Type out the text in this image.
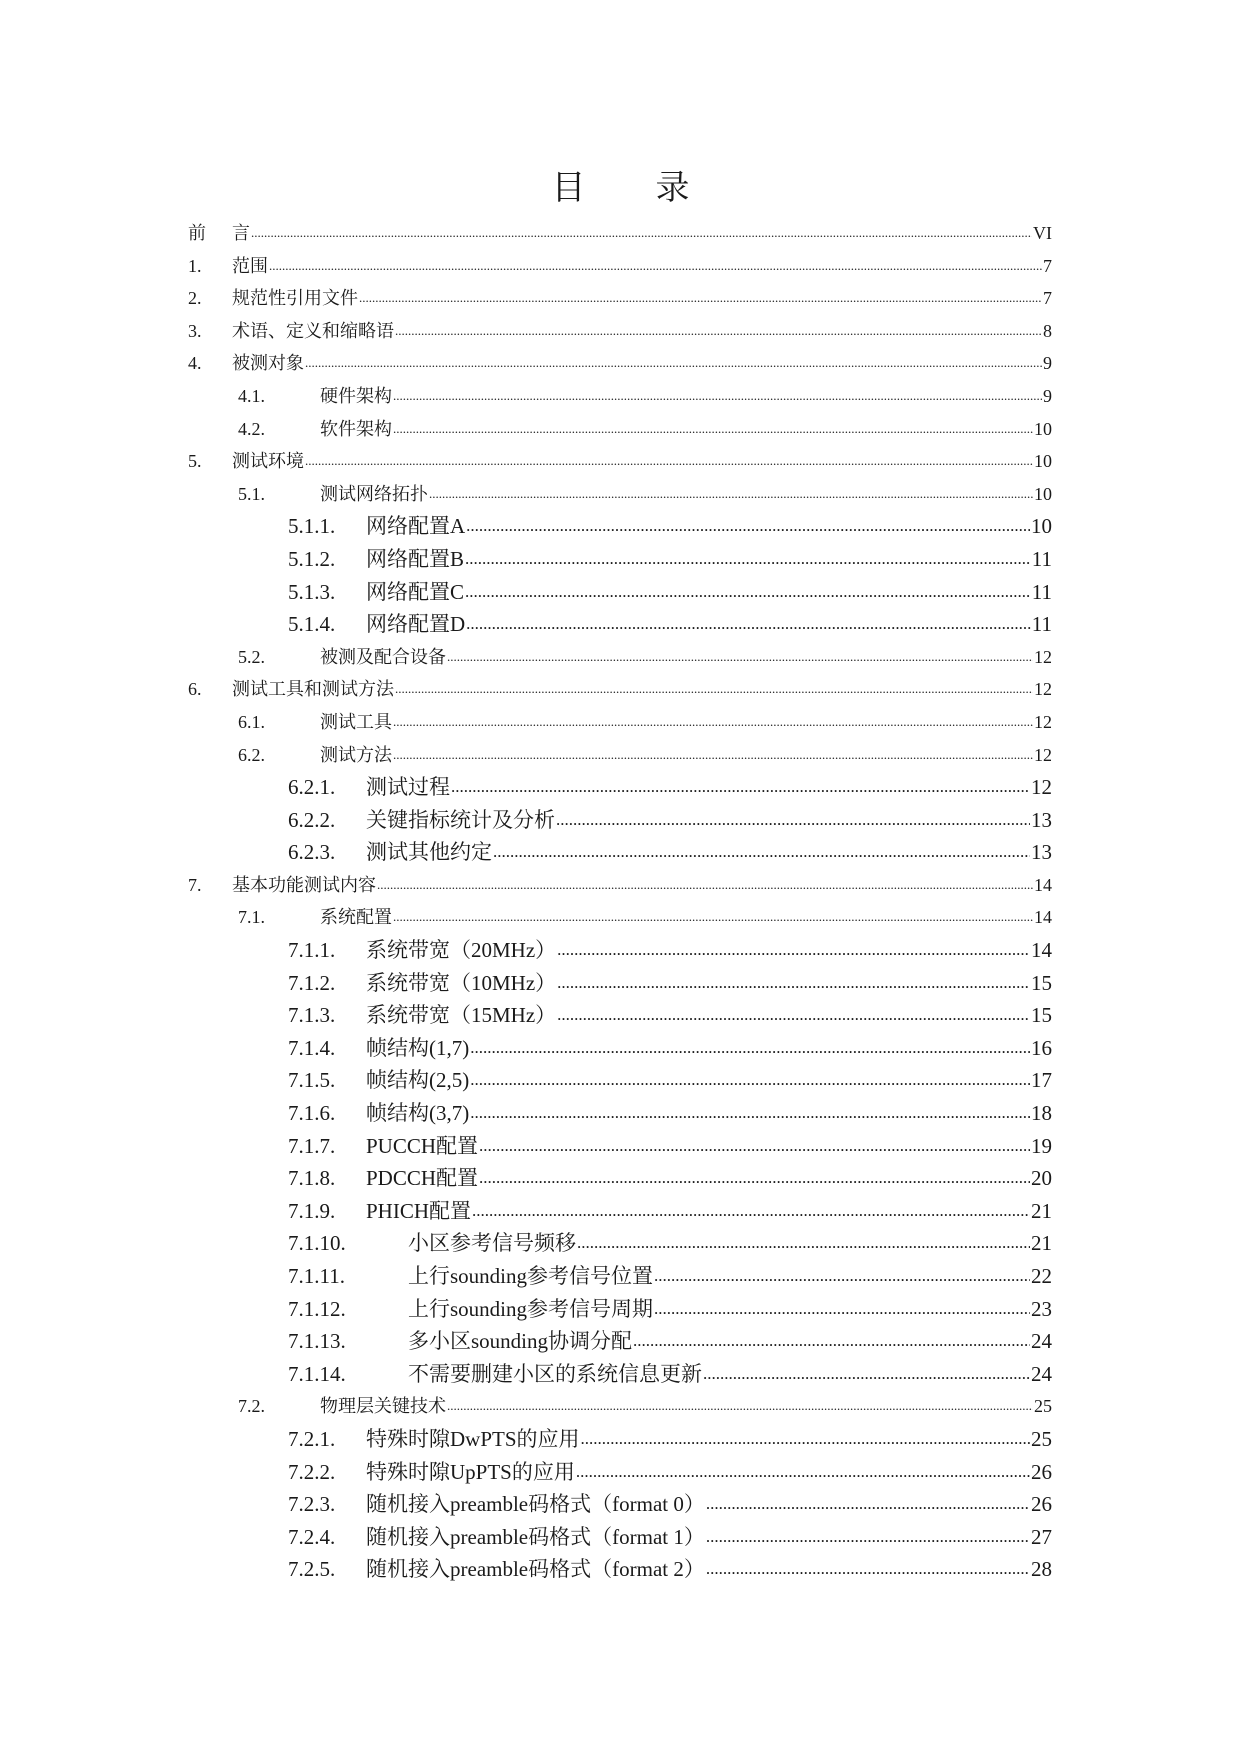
目录
前	言 .....	VI
1.	范围 .....	7
2.	规范性引用文件 .....	7
3.	术语、定义和缩略语 .....	8
4.	被测对象 .....	9
4.1.	硬件架构 .....	9
4.2.	软件架构 .....	10
5.	测试环境 .....	10
5.1.	测试网络拓扑 .....	10
5.1.1.	网络配置A .....	10
5.1.2.	网络配置B .....	11
5.1.3.	网络配置C .....	11
5.1.4.	网络配置D .....	11
5.2.	被测及配合设备 .....	12
6.	测试工具和测试方法 .....	12
6.1.	测试工具 .....	12
6.2.	测试方法 .....	12
6.2.1.	测试过程 .....	12
6.2.2.	关键指标统计及分析 .....	13
6.2.3.	测试其他约定 .....	13
7.	基本功能测试内容 .....	14
7.1.	系统配置 .....	14
7.1.1.	系统带宽（20MHz） .....	14
7.1.2.	系统带宽（10MHz） .....	15
7.1.3.	系统带宽（15MHz） .....	15
7.1.4.	帧结构(1,7) .....	16
7.1.5.	帧结构(2,5) .....	17
7.1.6.	帧结构(3,7) .....	18
7.1.7.	PUCCH配置 .....	19
7.1.8.	PDCCH配置 .....	20
7.1.9.	PHICH配置 .....	21
7.1.10.	小区参考信号频移 .....	21
7.1.11.	上行sounding参考信号位置 .....	22
7.1.12.	上行sounding参考信号周期 .....	23
7.1.13.	多小区sounding协调分配 .....	24
7.1.14.	不需要删建小区的系统信息更新 .....	24
7.2.	物理层关键技术 .....	25
7.2.1.	特殊时隙DwPTS的应用 .....	25
7.2.2.	特殊时隙UpPTS的应用 .....	26
7.2.3.	随机接入preamble码格式（format 0） .....	26
7.2.4.	随机接入preamble码格式（format 1） .....	27
7.2.5.	随机接入preamble码格式（format 2） .....	28
